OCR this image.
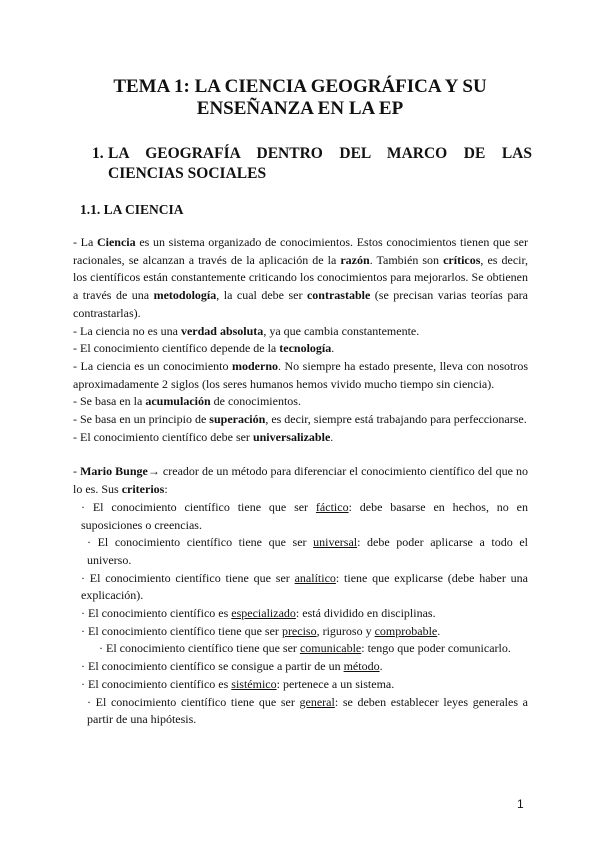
TEMA 1: LA CIENCIA GEOGRÁFICA Y SU
ENSEÑANZA EN LA EP
1. LA GEOGRAFÍA DENTRO DEL MARCO DE LAS CIENCIAS SOCIALES
1.1. LA CIENCIA

- La Ciencia es un sistema organizado de conocimientos. Estos conocimientos tienen que ser racionales, se alcanzan a través de la aplicación de la razón. También son críticos, es decir, los científicos están constantemente criticando los conocimientos para mejorarlos. Se obtienen a través de una metodología, la cual debe ser contrastable (se precisan varias teorías para contrastarlas).

- La ciencia no es una verdad absoluta, ya que cambia constantemente.

- El conocimiento científico depende de la tecnología.

- La ciencia es un conocimiento moderno. No siempre ha estado presente, lleva con nosotros aproximadamente 2 siglos (los seres humanos hemos vivido mucho tiempo sin ciencia).

- Se basa en la acumulación de conocimientos.

- Se basa en un principio de superación, es decir, siempre está trabajando para perfeccionarse.

- El conocimiento científico debe ser universalizable.

- Mario Bunge→ creador de un método para diferenciar el conocimiento científico del que no lo es. Sus criterios:

· El conocimiento científico tiene que ser fáctico: debe basarse en hechos, no en suposiciones o creencias.

· El conocimiento científico tiene que ser universal: debe poder aplicarse a todo el universo.

· El conocimiento científico tiene que ser analítico: tiene que explicarse (debe haber una explicación).

· El conocimiento científico es especializado: está dividido en disciplinas.

· El conocimiento científico tiene que ser preciso, riguroso y comprobable.

· El conocimiento científico tiene que ser comunicable: tengo que poder comunicarlo.

· El conocimiento científico se consigue a partir de un método.

· El conocimiento científico es sistémico: pertenece a un sistema.

· El conocimiento científico tiene que ser general: se deben establecer leyes generales a partir de una hipótesis.

1
